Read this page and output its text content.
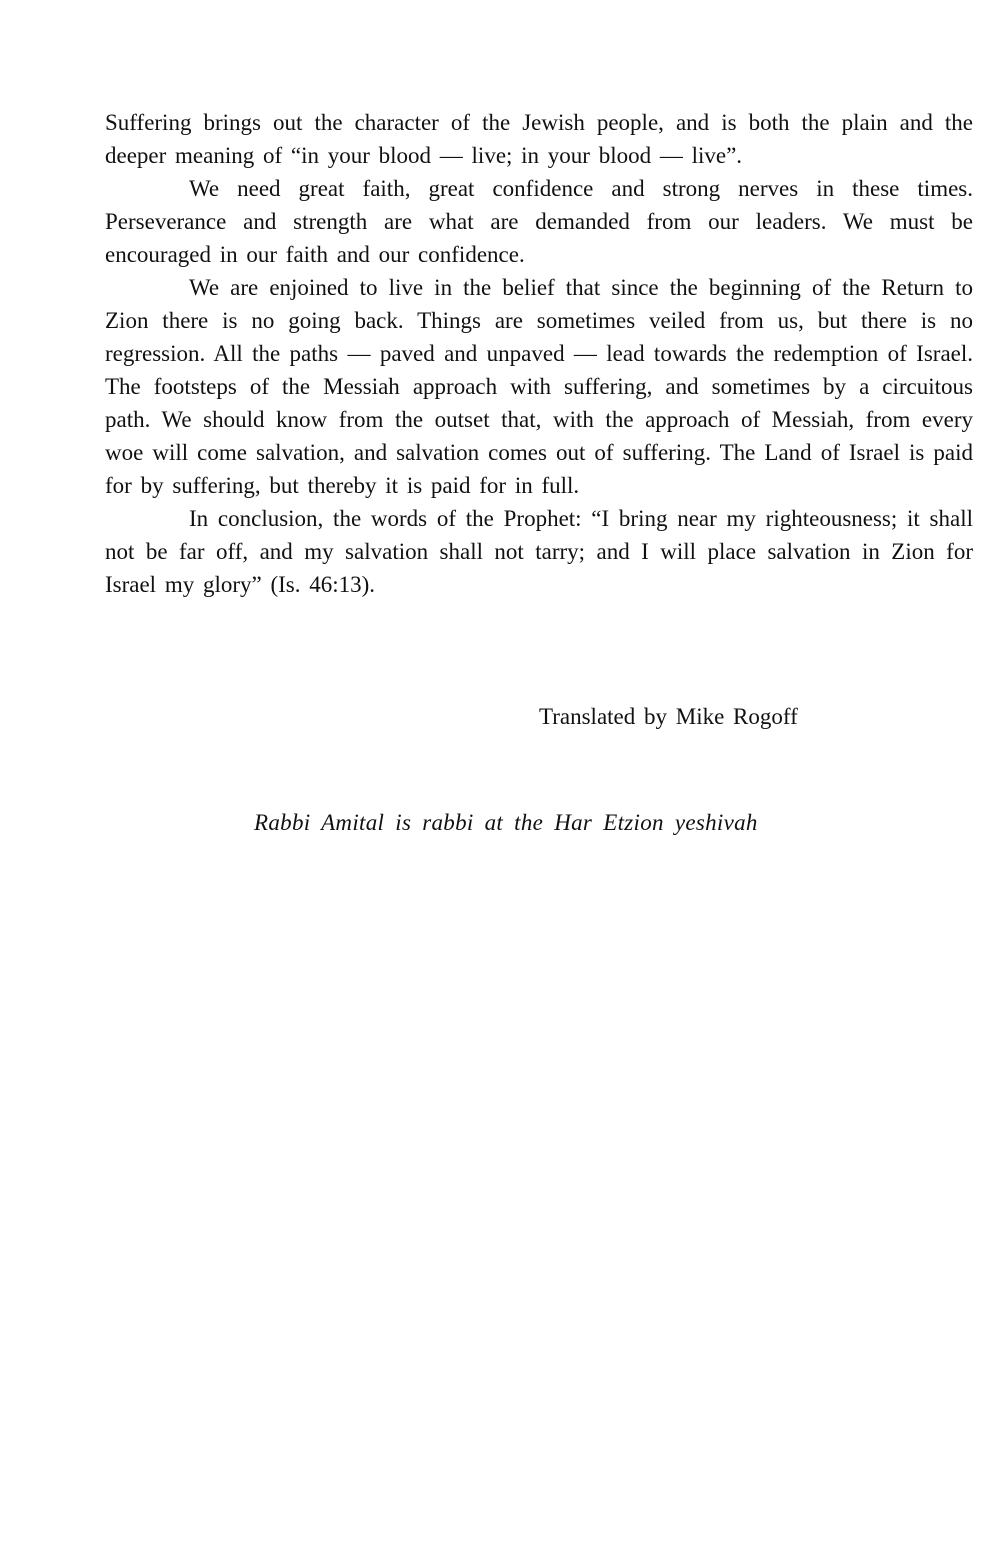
Suffering brings out the character of the Jewish people, and is both the plain and the deeper meaning of “in your blood — live; in your blood — live”.

We need great faith, great confidence and strong nerves in these times. Perseverance and strength are what are demanded from our leaders. We must be encouraged in our faith and our confidence.

We are enjoined to live in the belief that since the beginning of the Return to Zion there is no going back. Things are sometimes veiled from us, but there is no regression. All the paths — paved and unpaved — lead towards the redemption of Israel. The footsteps of the Messiah approach with suffering, and sometimes by a circuitous path. We should know from the outset that, with the approach of Messiah, from every woe will come salvation, and salvation comes out of suffering. The Land of Israel is paid for by suffering, but thereby it is paid for in full.

In conclusion, the words of the Prophet: “I bring near my righteousness; it shall not be far off, and my salvation shall not tarry; and I will place salvation in Zion for Israel my glory” (Is. 46:13).

Translated by Mike Rogoff
Rabbi Amital is rabbi at the Har Etzion yeshivah
